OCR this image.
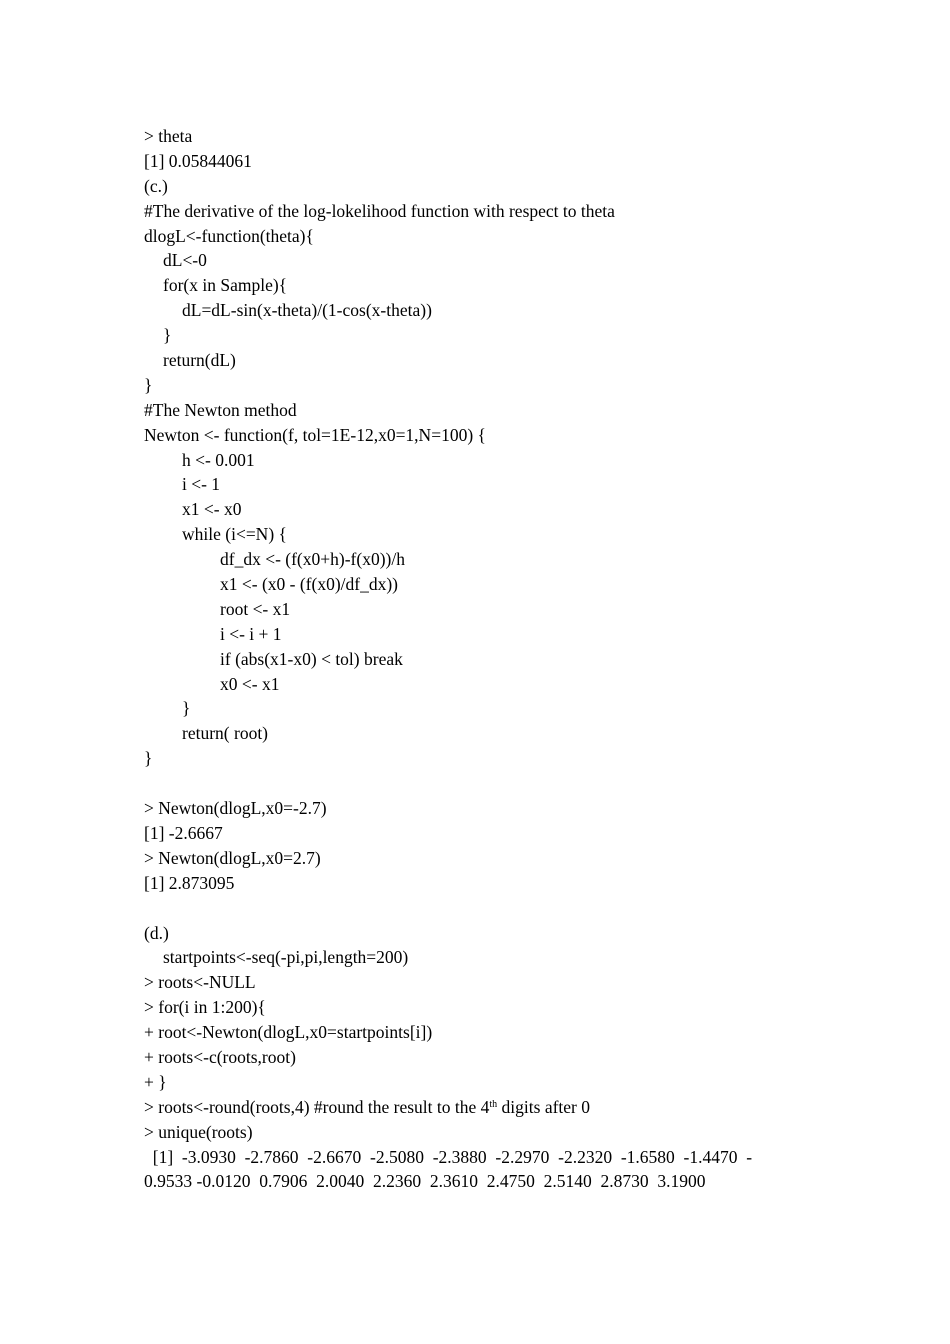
> theta
[1] 0.05844061
(c.)
#The derivative of the log-lokelihood function with respect to theta
dlogL<-function(theta){
dL<-0
for(x in Sample){
dL=dL-sin(x-theta)/(1-cos(x-theta))
}
return(dL)
}
#The Newton method
Newton <- function(f, tol=1E-12,x0=1,N=100) {
h <- 0.001
i <- 1
x1 <- x0
while (i<=N) {
df_dx <- (f(x0+h)-f(x0))/h
x1 <- (x0 - (f(x0)/df_dx))
root <- x1
i <- i + 1
if (abs(x1-x0) < tol) break
x0 <- x1
}
return( root)
}
> Newton(dlogL,x0=-2.7)
[1] -2.6667
> Newton(dlogL,x0=2.7)
[1] 2.873095
(d.)
startpoints<-seq(-pi,pi,length=200)
> roots<-NULL
> for(i in 1:200){
+ root<-Newton(dlogL,x0=startpoints[i])
+ roots<-c(roots,root)
+ }
> roots<-round(roots,4) #round the result to the 4th digits after 0
> unique(roots)
[1]  -3.0930  -2.7860  -2.6670  -2.5080  -2.3880  -2.2970  -2.2320  -1.6580  -1.4470  -
0.9533 -0.0120  0.7906  2.0040  2.2360  2.3610  2.4750  2.5140  2.8730  3.1900
